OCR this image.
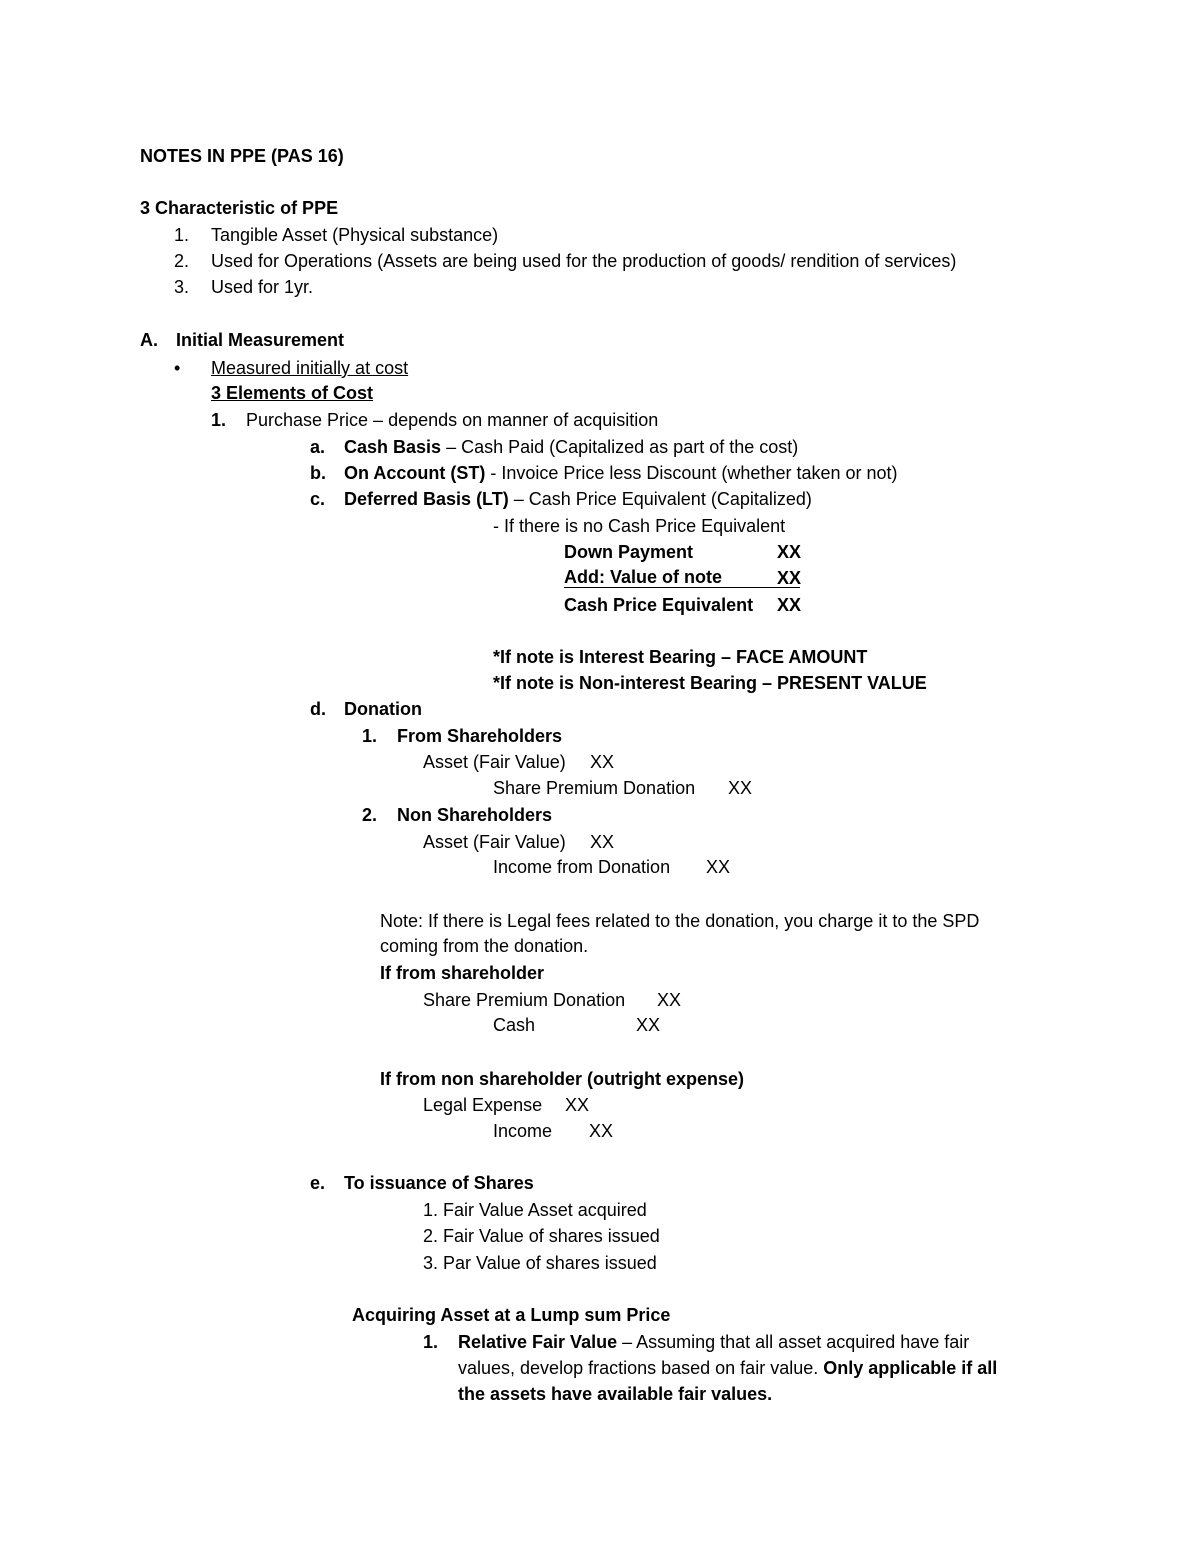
NOTES IN PPE (PAS 16)
3 Characteristic of PPE
1. Tangible Asset (Physical substance)
2. Used for Operations (Assets are being used for the production of goods/ rendition of services)
3. Used for 1yr.
A. Initial Measurement
• Measured initially at cost
3 Elements of Cost
1. Purchase Price – depends on manner of acquisition
a. Cash Basis – Cash Paid (Capitalized as part of the cost)
b. On Account (ST) - Invoice Price less Discount (whether taken or not)
c. Deferred Basis (LT) – Cash Price Equivalent (Capitalized)
- If there is no Cash Price Equivalent
Down Payment	XX
Add: Value of note	XX
Cash Price Equivalent XX
*If note is Interest Bearing – FACE AMOUNT
*If note is Non-interest Bearing – PRESENT VALUE
d. Donation
1. From Shareholders
Asset (Fair Value) XX
Share Premium Donation XX
2. Non Shareholders
Asset (Fair Value) XX
Income from Donation XX
Note: If there is Legal fees related to the donation, you charge it to the SPD
coming from the donation.
If from shareholder
Share Premium Donation XX
Cash	XX
If from non shareholder (outright expense)
Legal Expense XX
Income XX
e. To issuance of Shares
1. Fair Value Asset acquired
2. Fair Value of shares issued
3. Par Value of shares issued
Acquiring Asset at a Lump sum Price
1. Relative Fair Value – Assuming that all asset acquired have fair
values, develop fractions based on fair value. Only applicable if all
the assets have available fair values.
